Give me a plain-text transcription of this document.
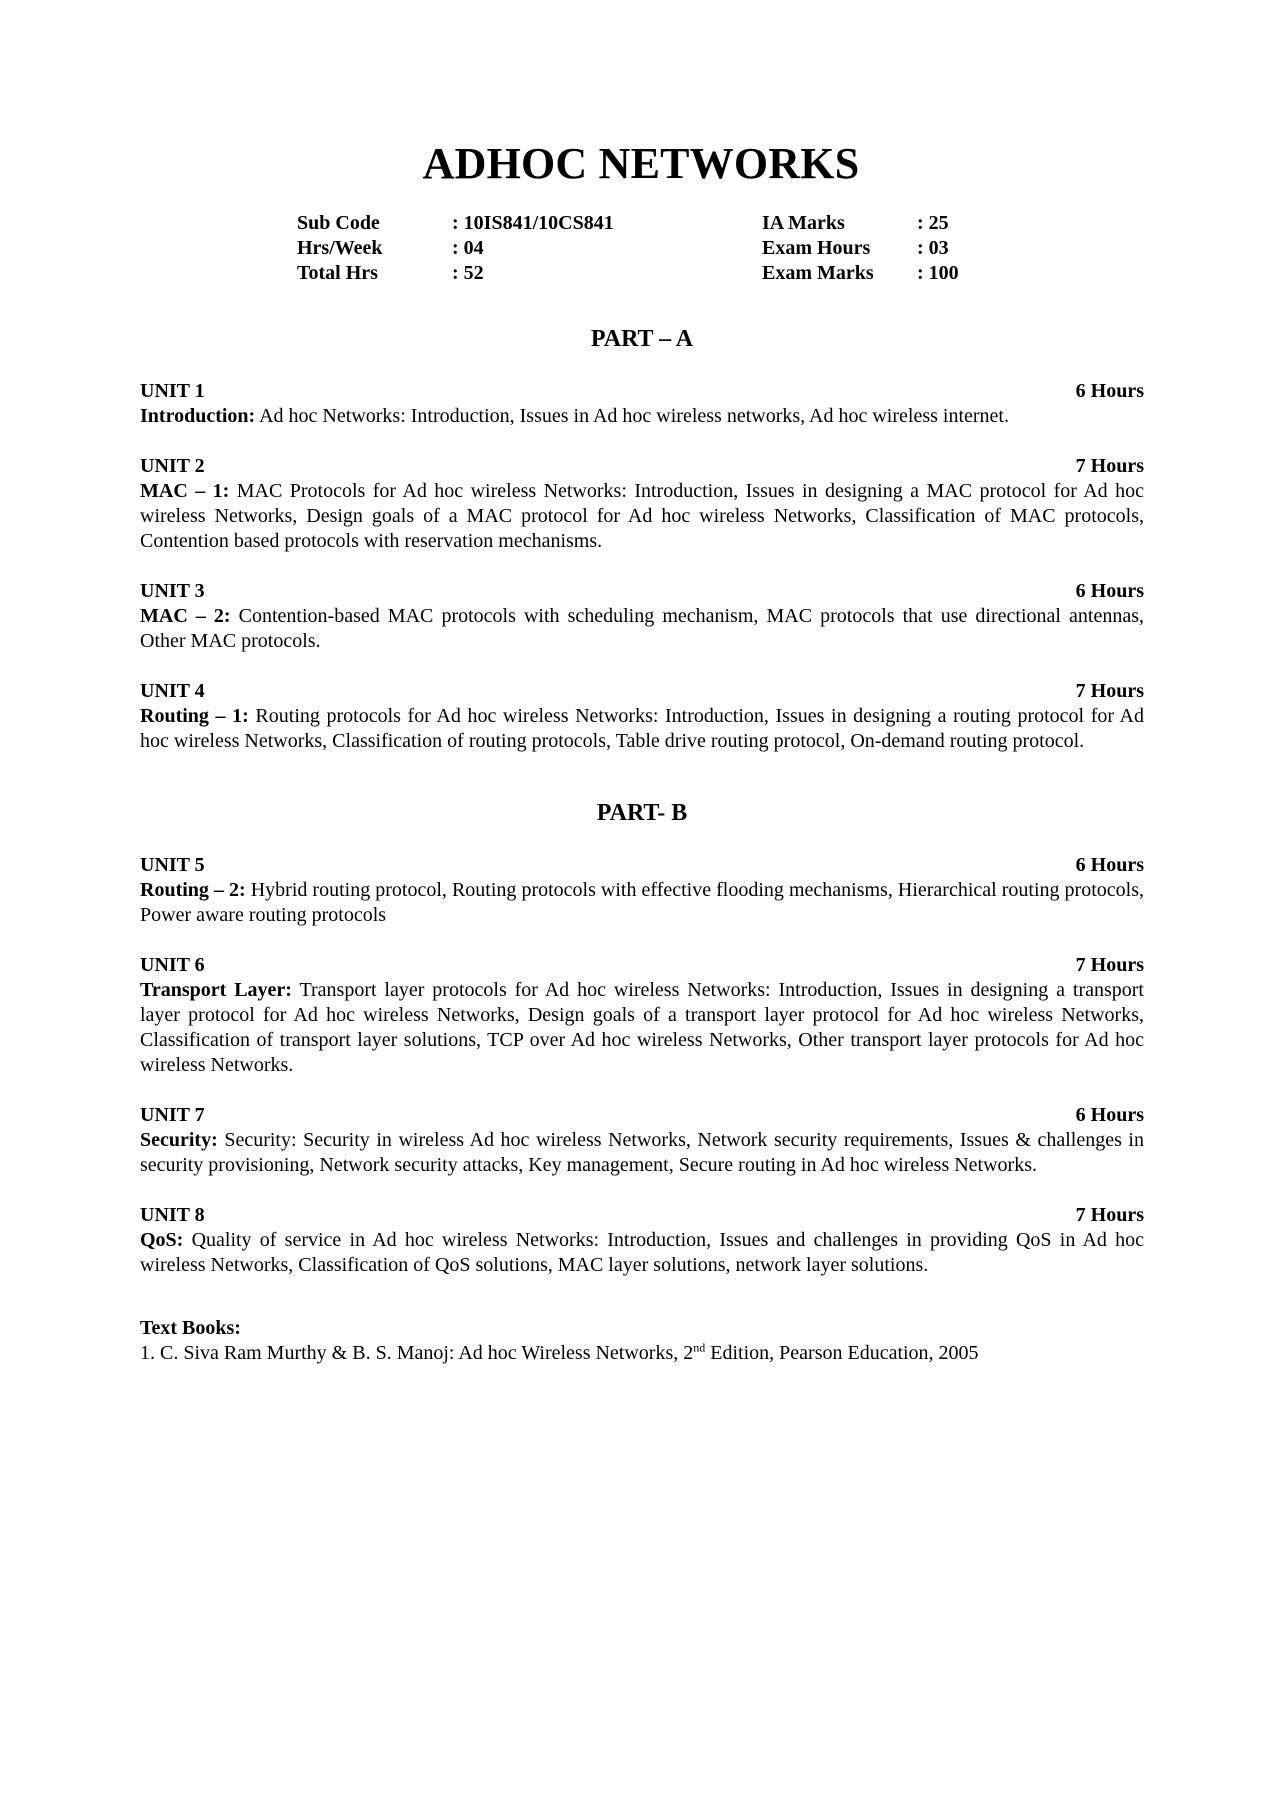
ADHOC NETWORKS
Sub Code	: 10IS841/10CS841	IA Marks	: 25
Hrs/Week	: 04	Exam Hours	: 03
Total Hrs	: 52	Exam Marks	: 100
PART – A
UNIT 1	6 Hours
Introduction: Ad hoc Networks: Introduction, Issues in Ad hoc wireless networks, Ad hoc wireless internet.
UNIT 2	7 Hours
MAC – 1: MAC Protocols for Ad hoc wireless Networks: Introduction, Issues in designing a MAC protocol for Ad hoc wireless Networks, Design goals of a MAC protocol for Ad hoc wireless Networks, Classification of MAC protocols, Contention based protocols with reservation mechanisms.
UNIT 3	6 Hours
MAC – 2: Contention-based MAC protocols with scheduling mechanism, MAC protocols that use directional antennas, Other MAC protocols.
UNIT 4	7 Hours
Routing – 1: Routing protocols for Ad hoc wireless Networks: Introduction, Issues in designing a routing protocol for Ad hoc wireless Networks, Classification of routing protocols, Table drive routing protocol, On-demand routing protocol.
PART- B
UNIT 5	6 Hours
Routing – 2: Hybrid routing protocol, Routing protocols with effective flooding mechanisms, Hierarchical routing protocols, Power aware routing protocols
UNIT 6	7 Hours
Transport Layer: Transport layer protocols for Ad hoc wireless Networks: Introduction, Issues in designing a transport layer protocol for Ad hoc wireless Networks, Design goals of a transport layer protocol for Ad hoc wireless Networks, Classification of transport layer solutions, TCP over Ad hoc wireless Networks, Other transport layer protocols for Ad hoc wireless Networks.
UNIT 7	6 Hours
Security: Security: Security in wireless Ad hoc wireless Networks, Network security requirements, Issues & challenges in security provisioning, Network security attacks, Key management, Secure routing in Ad hoc wireless Networks.
UNIT 8	7 Hours
QoS: Quality of service in Ad hoc wireless Networks: Introduction, Issues and challenges in providing QoS in Ad hoc wireless Networks, Classification of QoS solutions, MAC layer solutions, network layer solutions.
Text Books:
1. C. Siva Ram Murthy & B. S. Manoj: Ad hoc Wireless Networks, 2nd Edition, Pearson Education, 2005
